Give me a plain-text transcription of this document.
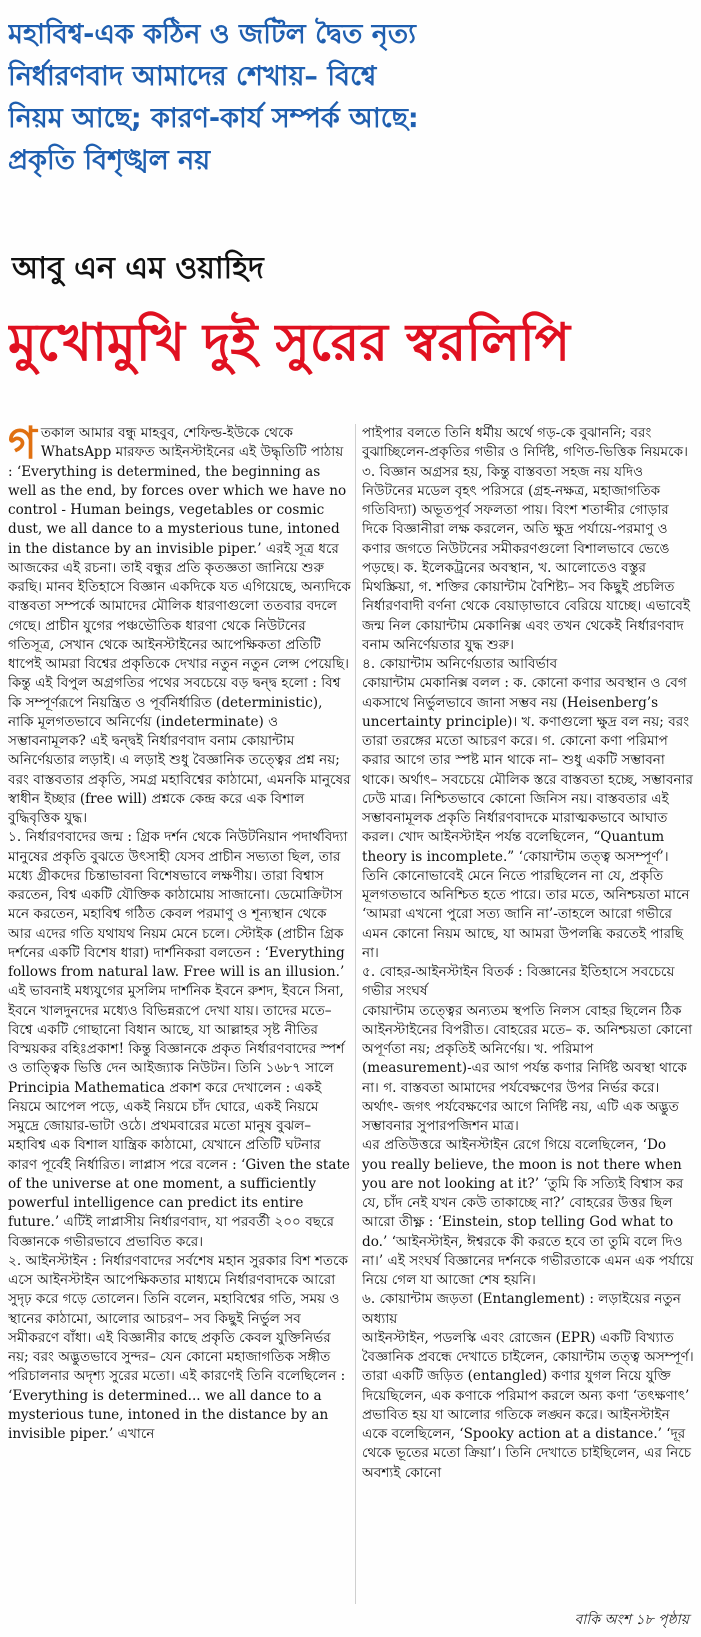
মহাবিশ্ব-এক কঠিন ও জটিল দ্বৈত নৃত্য
নির্ধারণবাদ আমাদের শেখায়– বিশ্বে
নিয়ম আছে; কারণ-কার্য সম্পর্ক আছে:
প্রকৃতি বিশৃঙ্খল নয়
আবু এন এম ওয়াহিদ
মুখোমুখি দুই সুরের স্বরলিপি

গতকাল আমার বন্ধু মাহবুব, শেফিল্ড-ইউকে থেকে WhatsApp মারফত আইনস্টাইনের এই উদ্ধৃতিটি পাঠায় : ‘Everything is determined, the beginning as well as the end, by forces over which we have no control - Human beings, vegetables or cosmic dust, we all dance to a mysterious tune, intoned in the distance by an invisible piper.’ এরই সূত্র ধরে আজকের এই রচনা। তাই বন্ধুর প্রতি কৃতজ্ঞতা জানিয়ে শুরু করছি। মানব ইতিহাসে বিজ্ঞান একদিকে যত এগিয়েছে, অন্যদিকে বাস্তবতা সম্পর্কে আমাদের মৌলিক ধারণাগুলো ততবার বদলে গেছে। প্রাচীন যুগের পঞ্চভৌতিক ধারণা থেকে নিউটনের গতিসূত্র, সেখান থেকে আইনস্টাইনের আপেক্ষিকতা প্রতিটি ধাপেই আমরা বিশ্বের প্রকৃতিকে দেখার নতুন নতুন লেন্স পেয়েছি। কিন্তু এই বিপুল অগ্রগতির পথের সবচেয়ে বড় দ্বন্দ্ব হলো : বিশ্ব কি সম্পূর্ণরূপে নিয়ন্ত্রিত ও পূর্বনির্ধারিত (deterministic), নাকি মূলগতভাবে অনির্ণেয় (indeterminate) ও সম্ভাবনামূলক? এই দ্বন্দ্বই নির্ধারণবাদ বনাম কোয়ান্টাম অনির্ণেয়তার লড়াই। এ লড়াই শুধু বৈজ্ঞানিক তত্ত্বের প্রশ্ন নয়; বরং বাস্তবতার প্রকৃতি, সমগ্র মহাবিশ্বের কাঠামো, এমনকি মানুষের স্বাধীন ইচ্ছার (free will) প্রশ্নকে কেন্দ্র করে এক বিশাল বুদ্ধিবৃত্তিক যুদ্ধ।

১. নির্ধারণবাদের জন্ম : গ্রিক দর্শন থেকে নিউটনিয়ান পদার্থবিদ্যা

মানুষের প্রকৃতি বুঝতে উৎসাহী যেসব প্রাচীন সভ্যতা ছিল, তার মধ্যে গ্রীকদের চিন্তাভাবনা বিশেষভাবে লক্ষণীয়। তারা বিশ্বাস করতেন, বিশ্ব একটি যৌক্তিক কাঠামোয় সাজানো। ডেমোক্রিটাস মনে করতেন, মহাবিশ্ব গঠিত কেবল পরমাণু ও শূন্যস্থান থেকে আর এদের গতি যথাযথ নিয়ম মেনে চলে। স্টোইক (প্রাচীন গ্রিক দর্শনের একটি বিশেষ ধারা) দার্শনিকরা বলতেন : ‘Everything follows from natural law. Free will is an illusion.’

এই ভাবনাই মধ্যযুগের মুসলিম দার্শনিক ইবনে রুশদ, ইবনে সিনা, ইবনে খালদুনদের মধ্যেও বিভিন্নরূপে দেখা যায়। তাদের মতে– বিশ্বে একটি গোছানো বিধান আছে, যা আল্লাহর সৃষ্ট নীতির বিস্ময়কর বহিঃপ্রকাশ! কিন্তু বিজ্ঞানকে প্রকৃত নির্ধারণবাদের স্পর্শ ও তাত্ত্বিক ভিত্তি দেন আইজ্যাক নিউটন। তিনি ১৬৮৭ সালে Principia Mathematica প্রকাশ করে দেখালেন : একই নিয়মে আপেল পড়ে, একই নিয়মে চাঁদ ঘোরে, একই নিয়মে সমুদ্রে জোয়ার-ভাটা ওঠে। প্রথমবারের মতো মানুষ বুঝল– মহাবিশ্ব এক বিশাল যান্ত্রিক কাঠামো, যেখানে প্রতিটি ঘটনার কারণ পূর্বেই নির্ধারিত। লাপ্লাস পরে বলেন : ‘Given the state of the universe at one moment, a sufficiently powerful intelligence can predict its entire future.’ এটিই লাপ্লাসীয় নির্ধারণবাদ, যা পরবর্তী ২০০ বছরে বিজ্ঞানকে গভীরভাবে প্রভাবিত করে।

২. আইনস্টাইন : নির্ধারণবাদের সর্বশেষ মহান সুরকার বিশ শতকে এসে আইনস্টাইন আপেক্ষিকতার মাধ্যমে নির্ধারণবাদকে আরো সুদৃঢ় করে গড়ে তোলেন। তিনি বলেন, মহাবিশ্বের গতি, সময় ও স্থানের কাঠামো, আলোর আচরণ– সব কিছুই নির্ভুল সব সমীকরণে বাঁধা। এই বিজ্ঞানীর কাছে প্রকৃতি কেবল যুক্তিনির্ভর নয়; বরং অদ্ভুতভাবে সুন্দর– যেন কোনো মহাজাগতিক সঙ্গীত পরিচালনার অদৃশ্য সুরের মতো। এই কারণেই তিনি বলেছিলেন : ‘Everything is determined... we all dance to a mysterious tune, intoned in the distance by an invisible piper.’ এখানে

পাইপার বলতে তিনি ধর্মীয় অর্থে গড়-কে বুঝাননি; বরং বুঝাচ্ছিলেন-প্রকৃতির গভীর ও নির্দিষ্ট, গণিত-ভিত্তিক নিয়মকে।

৩. বিজ্ঞান অগ্রসর হয়, কিন্তু বাস্তবতা সহজ নয় যদিও নিউটনের মডেল বৃহৎ পরিসরে (গ্রহ-নক্ষত্র, মহাজাগতিক গতিবিদ্যা) অভূতপূর্ব সফলতা পায়। বিংশ শতাব্দীর গোড়ার দিকে বিজ্ঞানীরা লক্ষ করলেন, অতি ক্ষুদ্র পর্যায়ে-পরমাণু ও কণার জগতে নিউটনের সমীকরণগুলো বিশালভাবে ভেঙে পড়ছে। ক. ইলেকট্রনের অবস্থান, খ. আলোতেও বস্তুর মিথস্ক্রিয়া, গ. শক্তির কোয়ান্টাম বৈশিষ্ট্য– সব কিছুই প্রচলিত নির্ধারণবাদী বর্ণনা থেকে বেয়াড়াভাবে বেরিয়ে যাচ্ছে। এভাবেই জন্ম নিল কোয়ান্টাম মেকানিক্স এবং তখন থেকেই নির্ধারণবাদ বনাম অনির্ণেয়তার যুদ্ধ শুরু।

৪. কোয়ান্টাম অনির্ণেয়তার আবির্ভাব

কোয়ান্টাম মেকানিক্স বলল : ক. কোনো কণার অবস্থান ও বেগ একসাথে নির্ভুলভাবে জানা সম্ভব নয় (Heisenberg’s uncertainty principle)। খ. কণাগুলো ক্ষুদ্র বল নয়; বরং তারা তরঙ্গের মতো আচরণ করে। গ. কোনো কণা পরিমাপ করার আগে তার স্পষ্ট মান থাকে না– শুধু একটি সম্ভাবনা থাকে। অর্থাৎ– সবচেয়ে মৌলিক স্তরে বাস্তবতা হচ্ছে, সম্ভাবনার ঢেউ মাত্র। নিশ্চিতভাবে কোনো জিনিস নয়। বাস্তবতার এই সম্ভাবনামূলক প্রকৃতি নির্ধারণবাদকে মারাত্মকভাবে আঘাত করল। খোদ আইনস্টাইন পর্যন্ত বলেছিলেন, “Quantum theory is incomplete.” ‘কোয়ান্টাম তত্ত্ব অসম্পূর্ণ’। তিনি কোনোভাবেই মেনে নিতে পারছিলেন না যে, প্রকৃতি মূলগতভাবে অনিশ্চিত হতে পারে। তার মতে, অনিশ্চয়তা মানে ‘আমরা এখনো পুরো সত্য জানি না’-তাহলে আরো গভীরে এমন কোনো নিয়ম আছে, যা আমরা উপলব্ধি করতেই পারছি না।

৫. বোহর-আইনস্টাইন বিতর্ক : বিজ্ঞানের ইতিহাসে সবচেয়ে গভীর সংঘর্ষ

কোয়ান্টাম তত্ত্বের অন্যতম স্থপতি নিলস বোহর ছিলেন ঠিক আইনস্টাইনের বিপরীত। বোহরের মতে– ক. অনিশ্চয়তা কোনো অপূর্ণতা নয়; প্রকৃতিই অনির্ণেয়। খ. পরিমাপ (measurement)-এর আগ পর্যন্ত কণার নির্দিষ্ট অবস্থা থাকে না। গ. বাস্তবতা আমাদের পর্যবেক্ষণের উপর নির্ভর করে। অর্থাৎ- জগৎ পর্যবেক্ষণের আগে নির্দিষ্ট নয়, এটি এক অদ্ভুত সম্ভাবনার সুপারপজিশন মাত্র।

এর প্রতিউত্তরে আইনস্টাইন রেগে গিয়ে বলেছিলেন, ‘Do you really believe, the moon is not there when you are not looking at it?’ ‘তুমি কি সত্যিই বিশ্বাস কর যে, চাঁদ নেই যখন কেউ তাকাচ্ছে না?’ বোহরের উত্তর ছিল আরো তীক্ষ্ণ : ‘Einstein, stop telling God what to do.’ ‘আইনস্টাইন, ঈশ্বরকে কী করতে হবে তা তুমি বলে দিও না।’ এই সংঘর্ষ বিজ্ঞানের দর্শনকে গভীরতাকে এমন এক পর্যায়ে নিয়ে গেল যা আজো শেষ হয়নি।

৬. কোয়ান্টাম জড়তা (Entanglement) : লড়াইয়ের নতুন অধ্যায়

আইনস্টাইন, পডলস্কি এবং রোজেন (EPR) একটি বিখ্যাত বৈজ্ঞানিক প্রবন্ধে দেখাতে চাইলেন, কোয়ান্টাম তত্ত্ব অসম্পূর্ণ। তারা একটি জড়িত (entangled) কণার যুগল নিয়ে যুক্তি দিয়েছিলেন, এক কণাকে পরিমাপ করলে অন্য কণা ‘তৎক্ষণাৎ’ প্রভাবিত হয় যা আলোর গতিকে লঙ্ঘন করে। আইনস্টাইন একে বলেছিলেন, ‘Spooky action at a distance.’ ‘দূর থেকে ভূতের মতো ক্রিয়া’। তিনি দেখাতে চাইছিলেন, এর নিচে অবশ্যই কোনো

বাকি অংশ ১৮ পৃষ্ঠায়
